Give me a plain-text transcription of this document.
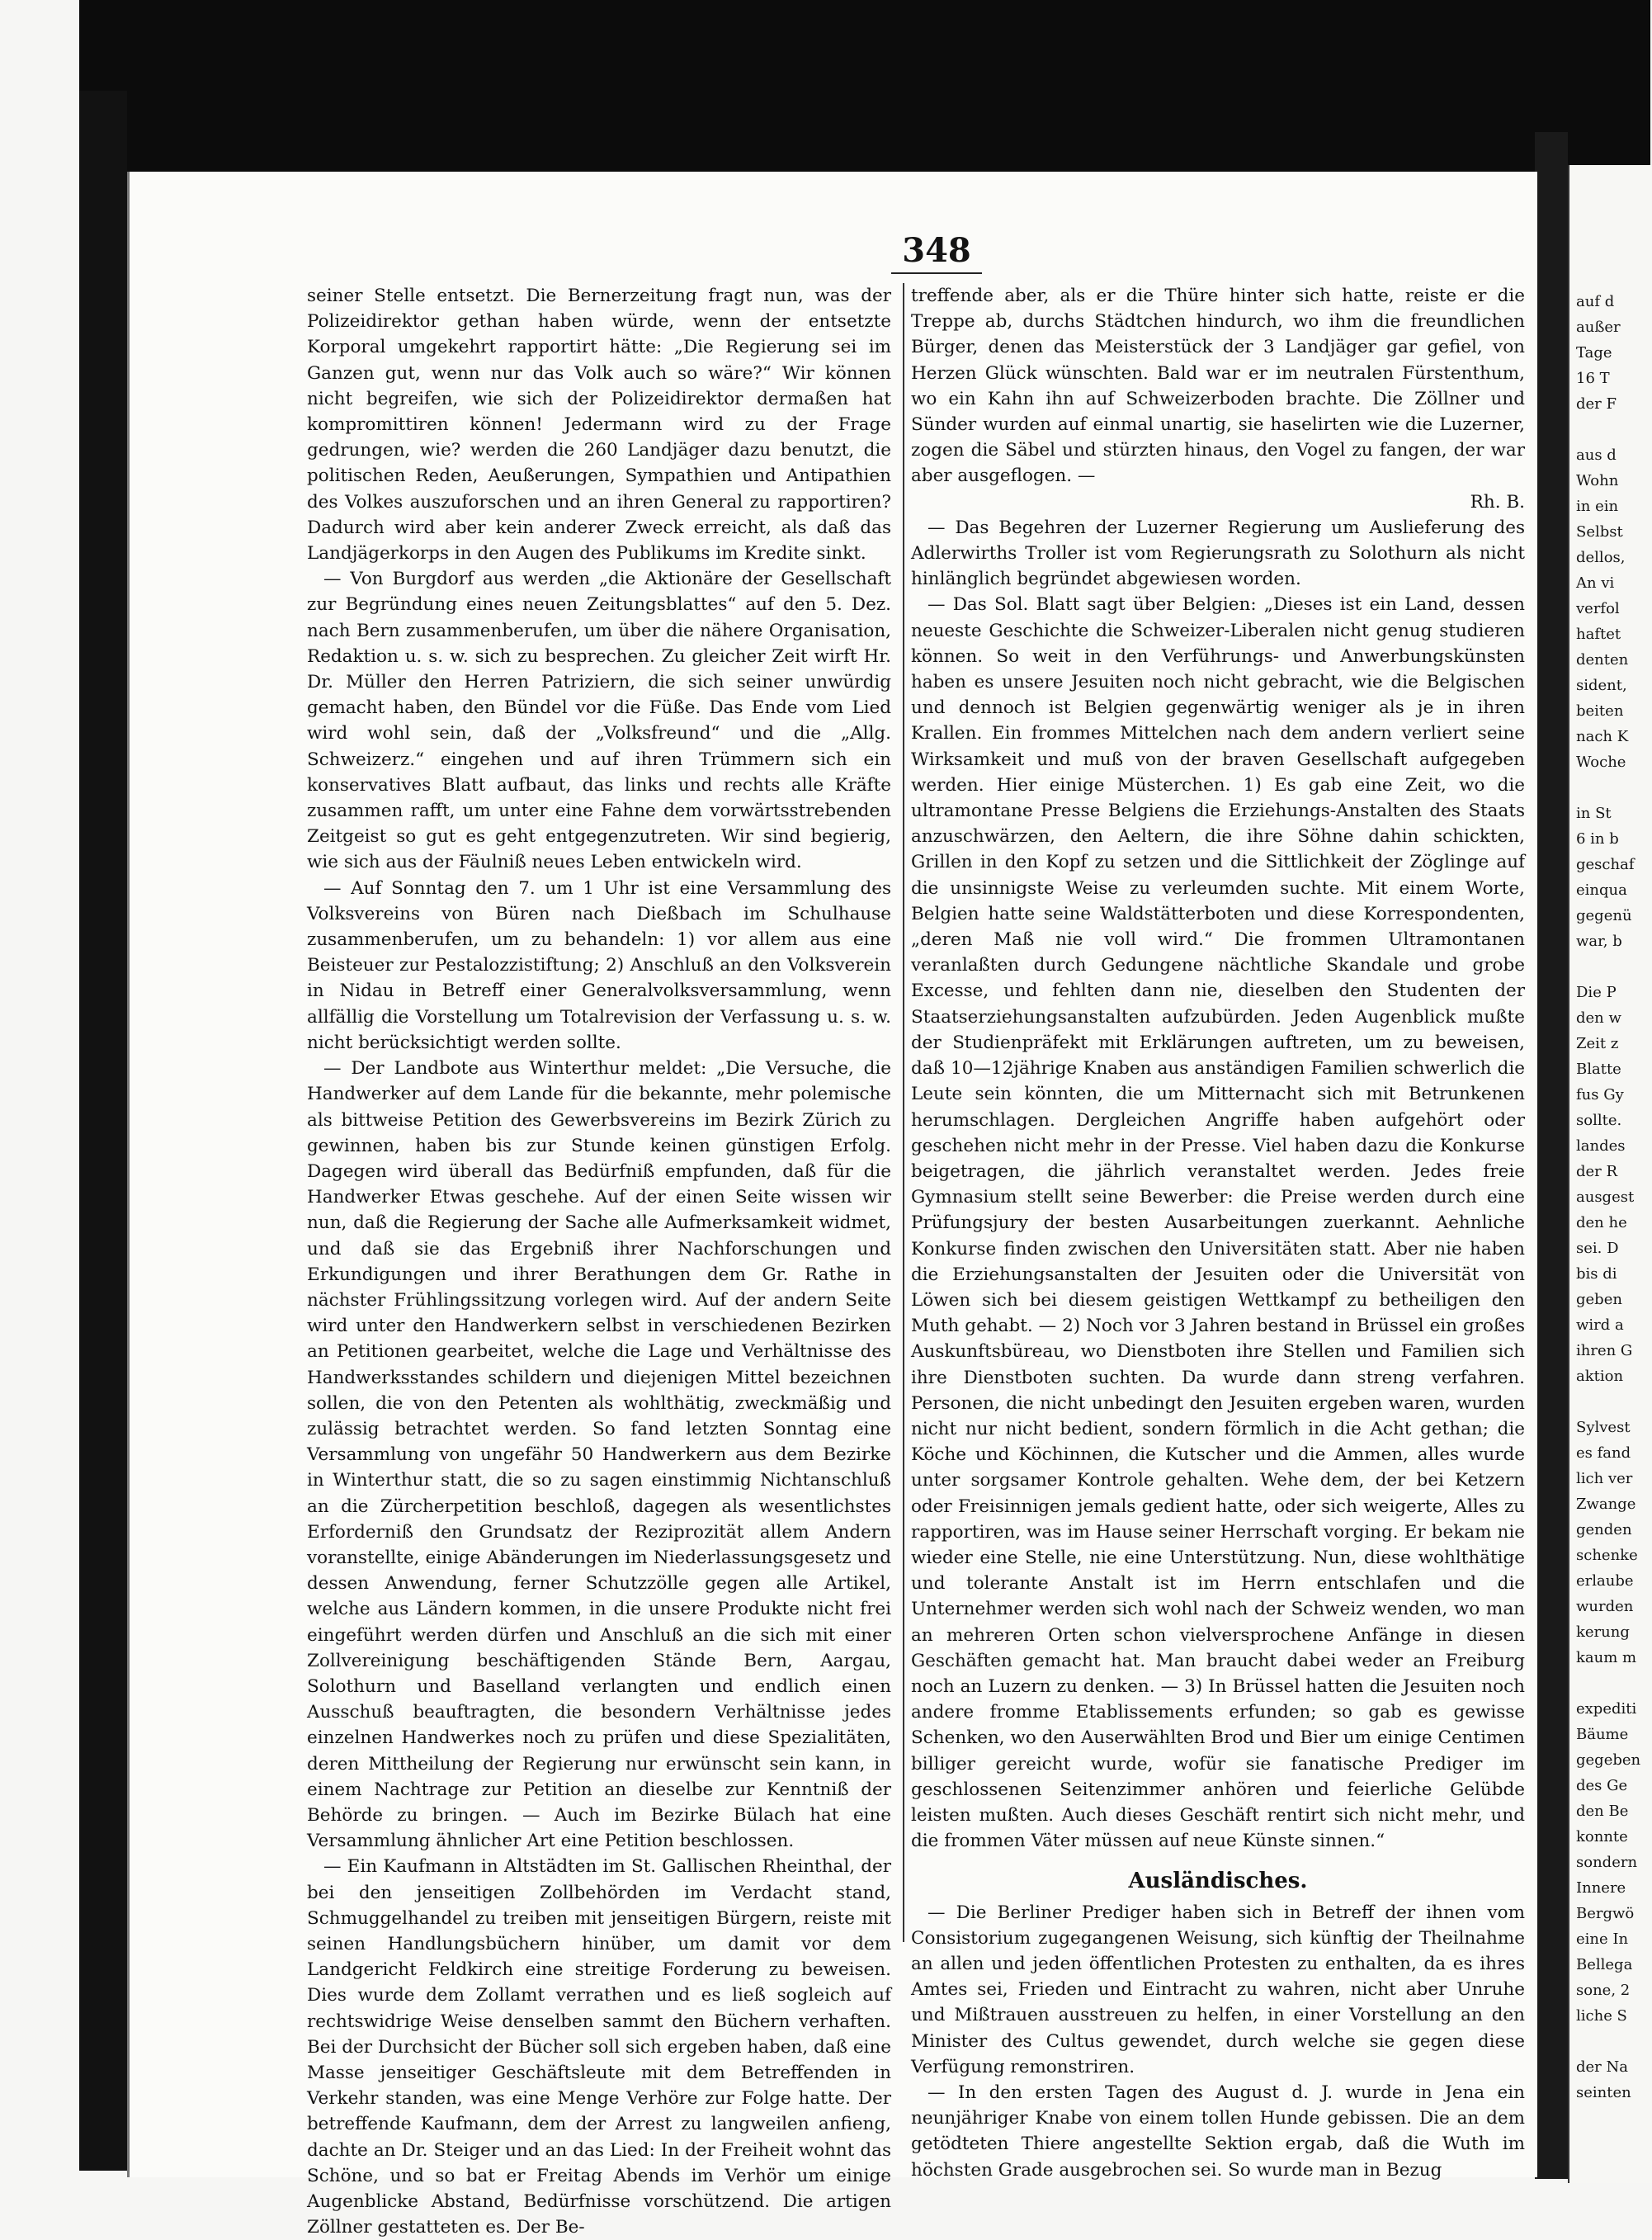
348

seiner Stelle entsetzt. Die Bernerzeitung fragt nun, was der Polizeidirektor gethan haben würde, wenn der entsetzte Korporal umgekehrt rapportirt hätte: „Die Regierung sei im Ganzen gut, wenn nur das Volk auch so wäre?“ Wir können nicht begreifen, wie sich der Polizeidirektor dermaßen hat kompromittiren können! Jedermann wird zu der Frage gedrungen, wie? werden die 260 Landjäger dazu benutzt, die politischen Reden, Aeußerungen, Sympathien und Antipathien des Volkes auszuforschen und an ihren General zu rapportiren? Dadurch wird aber kein anderer Zweck erreicht, als daß das Landjägerkorps in den Augen des Publikums im Kredite sinkt.

— Von Burgdorf aus werden „die Aktionäre der Gesellschaft zur Begründung eines neuen Zeitungsblattes“ auf den 5. Dez. nach Bern zusammenberufen, um über die nähere Organisation, Redaktion u. s. w. sich zu besprechen. Zu gleicher Zeit wirft Hr. Dr. Müller den Herren Patriziern, die sich seiner unwürdig gemacht haben, den Bündel vor die Füße. Das Ende vom Lied wird wohl sein, daß der „Volksfreund“ und die „Allg. Schweizerz.“ eingehen und auf ihren Trümmern sich ein konservatives Blatt aufbaut, das links und rechts alle Kräfte zusammen rafft, um unter eine Fahne dem vorwärtsstrebenden Zeitgeist so gut es geht entgegenzutreten. Wir sind begierig, wie sich aus der Fäulniß neues Leben entwickeln wird.

— Auf Sonntag den 7. um 1 Uhr ist eine Versammlung des Volksvereins von Büren nach Dießbach im Schulhause zusammenberufen, um zu behandeln: 1) vor allem aus eine Beisteuer zur Pestalozzistiftung; 2) Anschluß an den Volksverein in Nidau in Betreff einer Generalvolksversammlung, wenn allfällig die Vorstellung um Totalrevision der Verfassung u. s. w. nicht berücksichtigt werden sollte.

— Der Landbote aus Winterthur meldet: „Die Versuche, die Handwerker auf dem Lande für die bekannte, mehr polemische als bittweise Petition des Gewerbsvereins im Bezirk Zürich zu gewinnen, haben bis zur Stunde keinen günstigen Erfolg. Dagegen wird überall das Bedürfniß empfunden, daß für die Handwerker Etwas geschehe. Auf der einen Seite wissen wir nun, daß die Regierung der Sache alle Aufmerksamkeit widmet, und daß sie das Ergebniß ihrer Nachforschungen und Erkundigungen und ihrer Berathungen dem Gr. Rathe in nächster Frühlingssitzung vorlegen wird. Auf der andern Seite wird unter den Handwerkern selbst in verschiedenen Bezirken an Petitionen gearbeitet, welche die Lage und Verhältnisse des Handwerksstandes schildern und diejenigen Mittel bezeichnen sollen, die von den Petenten als wohlthätig, zweckmäßig und zulässig betrachtet werden. So fand letzten Sonntag eine Versammlung von ungefähr 50 Handwerkern aus dem Bezirke in Winterthur statt, die so zu sagen einstimmig Nichtanschluß an die Zürcherpetition beschloß, dagegen als wesentlichstes Erforderniß den Grundsatz der Reziprozität allem Andern voranstellte, einige Abänderungen im Niederlassungsgesetz und dessen Anwendung, ferner Schutzzölle gegen alle Artikel, welche aus Ländern kommen, in die unsere Produkte nicht frei eingeführt werden dürfen und Anschluß an die sich mit einer Zollvereinigung beschäftigenden Stände Bern, Aargau, Solothurn und Baselland verlangten und endlich einen Ausschuß beauftragten, die besondern Verhältnisse jedes einzelnen Handwerkes noch zu prüfen und diese Spezialitäten, deren Mittheilung der Regierung nur erwünscht sein kann, in einem Nachtrage zur Petition an dieselbe zur Kenntniß der Behörde zu bringen. — Auch im Bezirke Bülach hat eine Versammlung ähnlicher Art eine Petition beschlossen.

— Ein Kaufmann in Altstädten im St. Gallischen Rheinthal, der bei den jenseitigen Zollbehörden im Verdacht stand, Schmuggelhandel zu treiben mit jenseitigen Bürgern, reiste mit seinen Handlungsbüchern hinüber, um damit vor dem Landgericht Feldkirch eine streitige Forderung zu beweisen. Dies wurde dem Zollamt verrathen und es ließ sogleich auf rechtswidrige Weise denselben sammt den Büchern verhaften. Bei der Durchsicht der Bücher soll sich ergeben haben, daß eine Masse jenseitiger Geschäftsleute mit dem Betreffenden in Verkehr standen, was eine Menge Verhöre zur Folge hatte. Der betreffende Kaufmann, dem der Arrest zu langweilen anfieng, dachte an Dr. Steiger und an das Lied: In der Freiheit wohnt das Schöne, und so bat er Freitag Abends im Verhör um einige Augenblicke Abstand, Bedürfnisse vorschützend. Die artigen Zöllner gestatteten es. Der Be-

treffende aber, als er die Thüre hinter sich hatte, reiste er die Treppe ab, durchs Städtchen hindurch, wo ihm die freundlichen Bürger, denen das Meisterstück der 3 Landjäger gar gefiel, von Herzen Glück wünschten. Bald war er im neutralen Fürstenthum, wo ein Kahn ihn auf Schweizerboden brachte. Die Zöllner und Sünder wurden auf einmal unartig, sie haselirten wie die Luzerner, zogen die Säbel und stürzten hinaus, den Vogel zu fangen, der war aber ausgeflogen. —

Rh. B.

— Das Begehren der Luzerner Regierung um Auslieferung des Adlerwirths Troller ist vom Regierungsrath zu Solothurn als nicht hinlänglich begründet abgewiesen worden.

— Das Sol. Blatt sagt über Belgien: „Dieses ist ein Land, dessen neueste Geschichte die Schweizer-Liberalen nicht genug studieren können. So weit in den Verführungs- und Anwerbungskünsten haben es unsere Jesuiten noch nicht gebracht, wie die Belgischen und dennoch ist Belgien gegenwärtig weniger als je in ihren Krallen. Ein frommes Mittelchen nach dem andern verliert seine Wirksamkeit und muß von der braven Gesellschaft aufgegeben werden. Hier einige Müsterchen. 1) Es gab eine Zeit, wo die ultramontane Presse Belgiens die Erziehungs-Anstalten des Staats anzuschwärzen, den Aeltern, die ihre Söhne dahin schickten, Grillen in den Kopf zu setzen und die Sittlichkeit der Zöglinge auf die unsinnigste Weise zu verleumden suchte. Mit einem Worte, Belgien hatte seine Waldstätterboten und diese Korrespondenten, „deren Maß nie voll wird.“ Die frommen Ultramontanen veranlaßten durch Gedungene nächtliche Skandale und grobe Excesse, und fehlten dann nie, dieselben den Studenten der Staatserziehungsanstalten aufzubürden. Jeden Augenblick mußte der Studienpräfekt mit Erklärungen auftreten, um zu beweisen, daß 10—12jährige Knaben aus anständigen Familien schwerlich die Leute sein könnten, die um Mitternacht sich mit Betrunkenen herumschlagen. Dergleichen Angriffe haben aufgehört oder geschehen nicht mehr in der Presse. Viel haben dazu die Konkurse beigetragen, die jährlich veranstaltet werden. Jedes freie Gymnasium stellt seine Bewerber: die Preise werden durch eine Prüfungsjury der besten Ausarbeitungen zuerkannt. Aehnliche Konkurse finden zwischen den Universitäten statt. Aber nie haben die Erziehungsanstalten der Jesuiten oder die Universität von Löwen sich bei diesem geistigen Wettkampf zu betheiligen den Muth gehabt. — 2) Noch vor 3 Jahren bestand in Brüssel ein großes Auskunftsbüreau, wo Dienstboten ihre Stellen und Familien sich ihre Dienstboten suchten. Da wurde dann streng verfahren. Personen, die nicht unbedingt den Jesuiten ergeben waren, wurden nicht nur nicht bedient, sondern förmlich in die Acht gethan; die Köche und Köchinnen, die Kutscher und die Ammen, alles wurde unter sorgsamer Kontrole gehalten. Wehe dem, der bei Ketzern oder Freisinnigen jemals gedient hatte, oder sich weigerte, Alles zu rapportiren, was im Hause seiner Herrschaft vorging. Er bekam nie wieder eine Stelle, nie eine Unterstützung. Nun, diese wohlthätige und tolerante Anstalt ist im Herrn entschlafen und die Unternehmer werden sich wohl nach der Schweiz wenden, wo man an mehreren Orten schon vielversprochene Anfänge in diesen Geschäften gemacht hat. Man braucht dabei weder an Freiburg noch an Luzern zu denken. — 3) In Brüssel hatten die Jesuiten noch andere fromme Etablissements erfunden; so gab es gewisse Schenken, wo den Auserwählten Brod und Bier um einige Centimen billiger gereicht wurde, wofür sie fanatische Prediger im geschlossenen Seitenzimmer anhören und feierliche Gelübde leisten mußten. Auch dieses Geschäft rentirt sich nicht mehr, und die frommen Väter müssen auf neue Künste sinnen.“

Ausländisches.

— Die Berliner Prediger haben sich in Betreff der ihnen vom Consistorium zugegangenen Weisung, sich künftig der Theilnahme an allen und jeden öffentlichen Protesten zu enthalten, da es ihres Amtes sei, Frieden und Eintracht zu wahren, nicht aber Unruhe und Mißtrauen ausstreuen zu helfen, in einer Vorstellung an den Minister des Cultus gewendet, durch welche sie gegen diese Verfügung remonstriren.

— In den ersten Tagen des August d. J. wurde in Jena ein neunjähriger Knabe von einem tollen Hunde gebissen. Die an dem getödteten Thiere angestellte Sektion ergab, daß die Wuth im höchsten Grade ausgebrochen sei. So wurde man in Bezug

auf d
außer
Tage
16 T
der F
aus d
Wohn
in ein
Selbst
dellos,
An vi
verfol
haftet
denten
sident,
beiten
nach K
Woche
in St
6 in b
geschaf
einqua
gegenü
war, b
Die P
den w
Zeit z
Blatte
fus Gy
sollte.
landes
der R
ausgest
den he
sei. D
bis di
geben
wird a
ihren G
aktion
Sylvest
es fand
lich ver
Zwange
genden
schenke
erlaube
wurden
kerung
kaum m
expediti
Bäume
gegeben
des Ge
den Be
konnte
sondern
Innere
Bergwö
eine In
Bellega
sone, 2
liche S
der Na
seinten
